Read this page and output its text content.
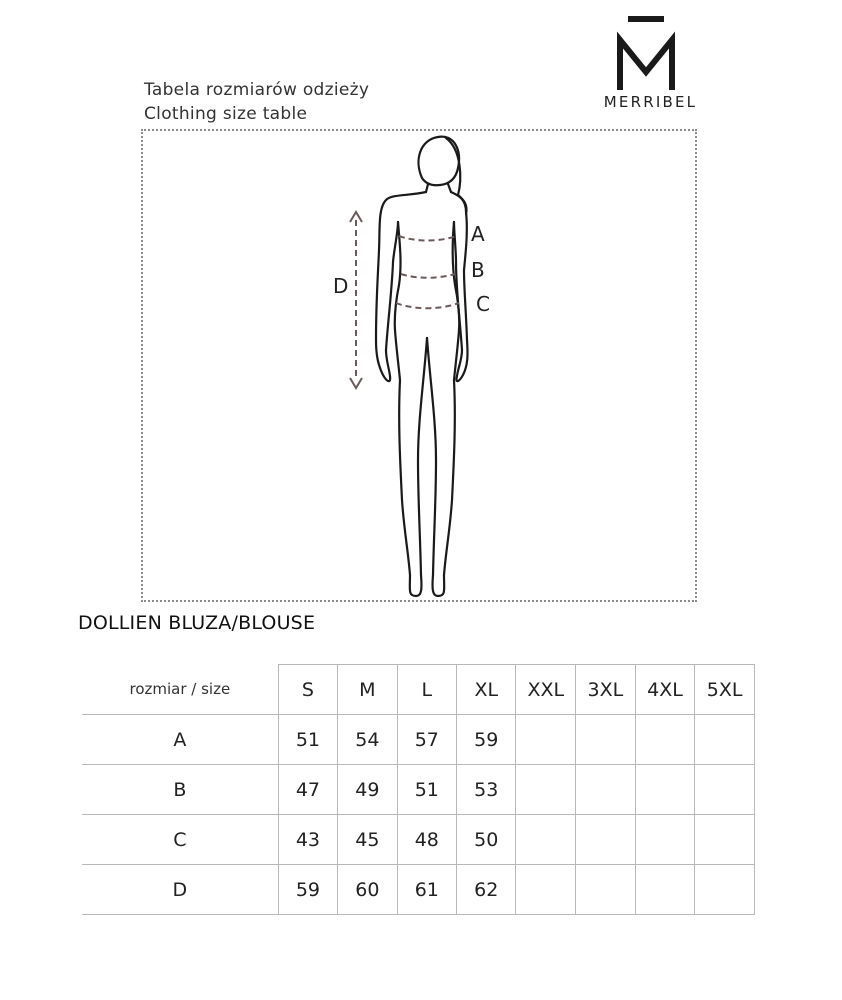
MERRIBEL
Tabela rozmiarów odzieży
Clothing size table
A
B
C
D
DOLLIEN BLUZA/BLOUSE
rozmiar / size	S	M	L	XL	XXL	3XL	4XL	5XL
A	51	54	57	59				
B	47	49	51	53				
C	43	45	48	50				
D	59	60	61	62				
